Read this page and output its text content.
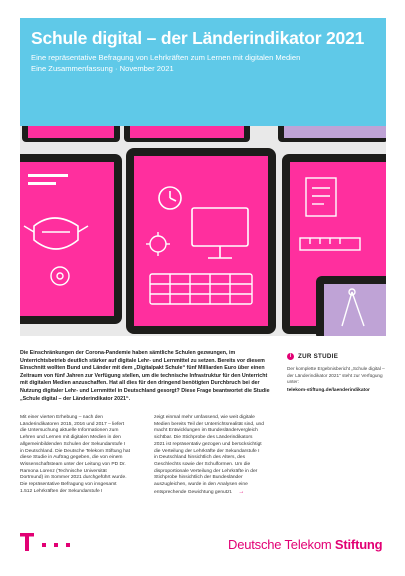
Schule digital – der Länderindikator 2021
Eine repräsentative Befragung von Lehrkräften zum Lernen mit digitalen Medien
Eine Zusammenfassung · November 2021

Die Einschränkungen der Corona-Pandemie haben sämtliche Schulen gezwungen, im Unterrichtsbetrieb deutlich stärker auf digitale Lehr- und Lernmittel zu setzen. Bereits vor diesem Einschnitt wollten Bund und Länder mit dem „Digitalpakt Schule“ fünf Milliarden Euro über einen Zeitraum von fünf Jahren zur Verfügung stellen, um die technische Infrastruktur für den Unterricht mit digitalen Medien anzuschaffen. Hat all dies für den dringend benötigten Durchbruch bei der Nutzung digitaler Lehr- und Lernmittel in Deutschland gesorgt? Diese Frage beantwortet die Studie „Schule digital – der Länderindikator 2021“.

i	ZUR STUDIE

Der komplette Ergebnisbericht „Schule digital – der Länderindikator 2021“ steht zur Verfügung unter:

telekom-stiftung.de/laenderindikator

Mit einer vierten Erhebung – nach den Länderindikatoren 2015, 2016 und 2017 – liefert die Untersuchung aktuelle Informationen zum Lehren und Lernen mit digitalen Medien in den allgemeinbildenden Schulen der Sekundarstufe I in Deutschland. Die Deutsche Telekom Stiftung hat diese Studie in Auftrag gegeben, die von einem Wissenschaftsteam unter der Leitung von PD Dr. Ramona Lorenz (Technische Universität Dortmund) im Sommer 2021 durchgeführt wurde. Die repräsentative Befragung von insgesamt 1.512 Lehrkräften der Sekundarstufe I

zeigt einmal mehr umfassend, wie weit digitale Medien bereits Teil der Unterrichtsrealität sind, und macht Entwicklungen im Bundesländervergleich sichtbar. Die Stichprobe des Länderindikators 2021 ist repräsentativ gezogen und berücksichtigt die Verteilung der Lehrkräfte der Sekundarstufe I in Deutschland hinsichtlich des Alters, des Geschlechts sowie der Schulformen. Um die disproportionale Verteilung der Lehrkräfte in der Stichprobe hinsichtlich der Bundesländer auszugleichen, wurde in den Analysen eine entsprechende Gewichtung genutzt. →

Deutsche Telekom Stiftung
